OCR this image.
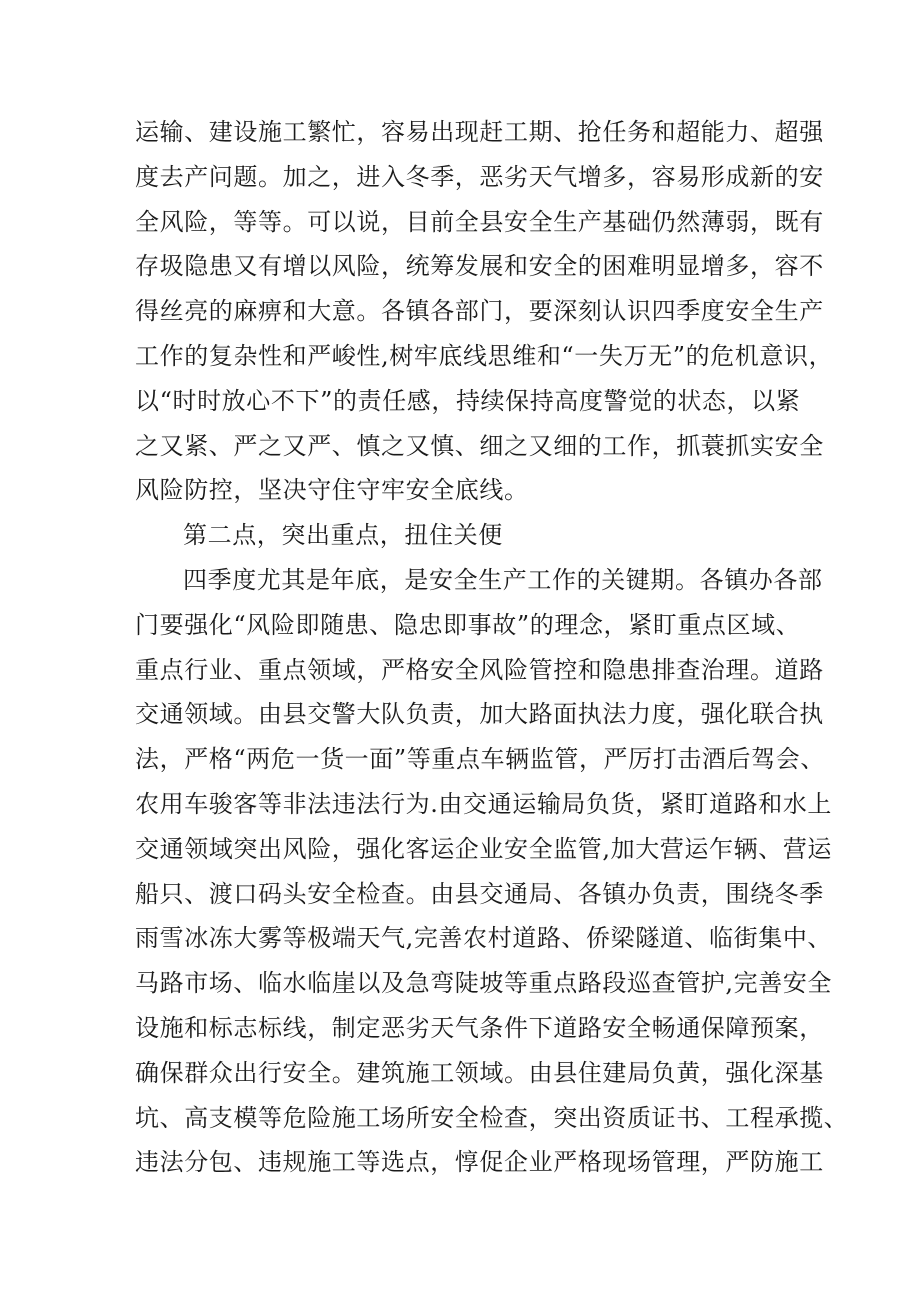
运输、建设施工繁忙，容易出现赶工期、抢任务和超能力、超强
度去产问题。加之，进入冬季，恶劣天气增多，容易形成新的安
全风险，等等。可以说，目前全县安全生产基础仍然薄弱，既有
存圾隐患又有增以风险，统筹发展和安全的困难明显增多，容不
得丝亮的麻痹和大意。各镇各部门，要深刻认识四季度安全生产
工作的复杂性和严峻性,树牢底线思维和“一失万无”的危机意识，
以“时时放心不下”的责任感，持续保持高度警觉的状态，以紧
之又紧、严之又严、慎之又慎、细之又细的工作，抓蓑抓实安全
风险防控，坚决守住守牢安全底线。
第二点，突出重点，扭住关便
四季度尤其是年底，是安全生产工作的关键期。各镇办各部
门要强化“风险即随患、隐忠即事故”的理念，紧盯重点区域、
重点行业、重点领域，严格安全风险管控和隐患排查治理。道路
交通领域。由县交警大队负责，加大路面执法力度，强化联合执
法，严格“两危一货一面”等重点车辆监管，严厉打击酒后驾会、
农用车骏客等非法违法行为.由交通运输局负货，紧盯道路和水上
交通领域突出风险，强化客运企业安全监管,加大营运乍辆、营运
船只、渡口码头安全检查。由县交通局、各镇办负责，围绕冬季
雨雪冰冻大雾等极端天气,完善农村道路、侨梁隧道、临街集中、
马路市场、临水临崖以及急弯陡坡等重点路段巡查管护,完善安全
设施和标志标线，制定恶劣天气条件下道路安全畅通保障预案，
确保群众出行安全。建筑施工领域。由县住建局负黄，强化深基
坑、高支模等危险施工场所安全检查，突出资质证书、工程承揽、
违法分包、违规施工等选点，惇促企业严格现场管理，严防施工
